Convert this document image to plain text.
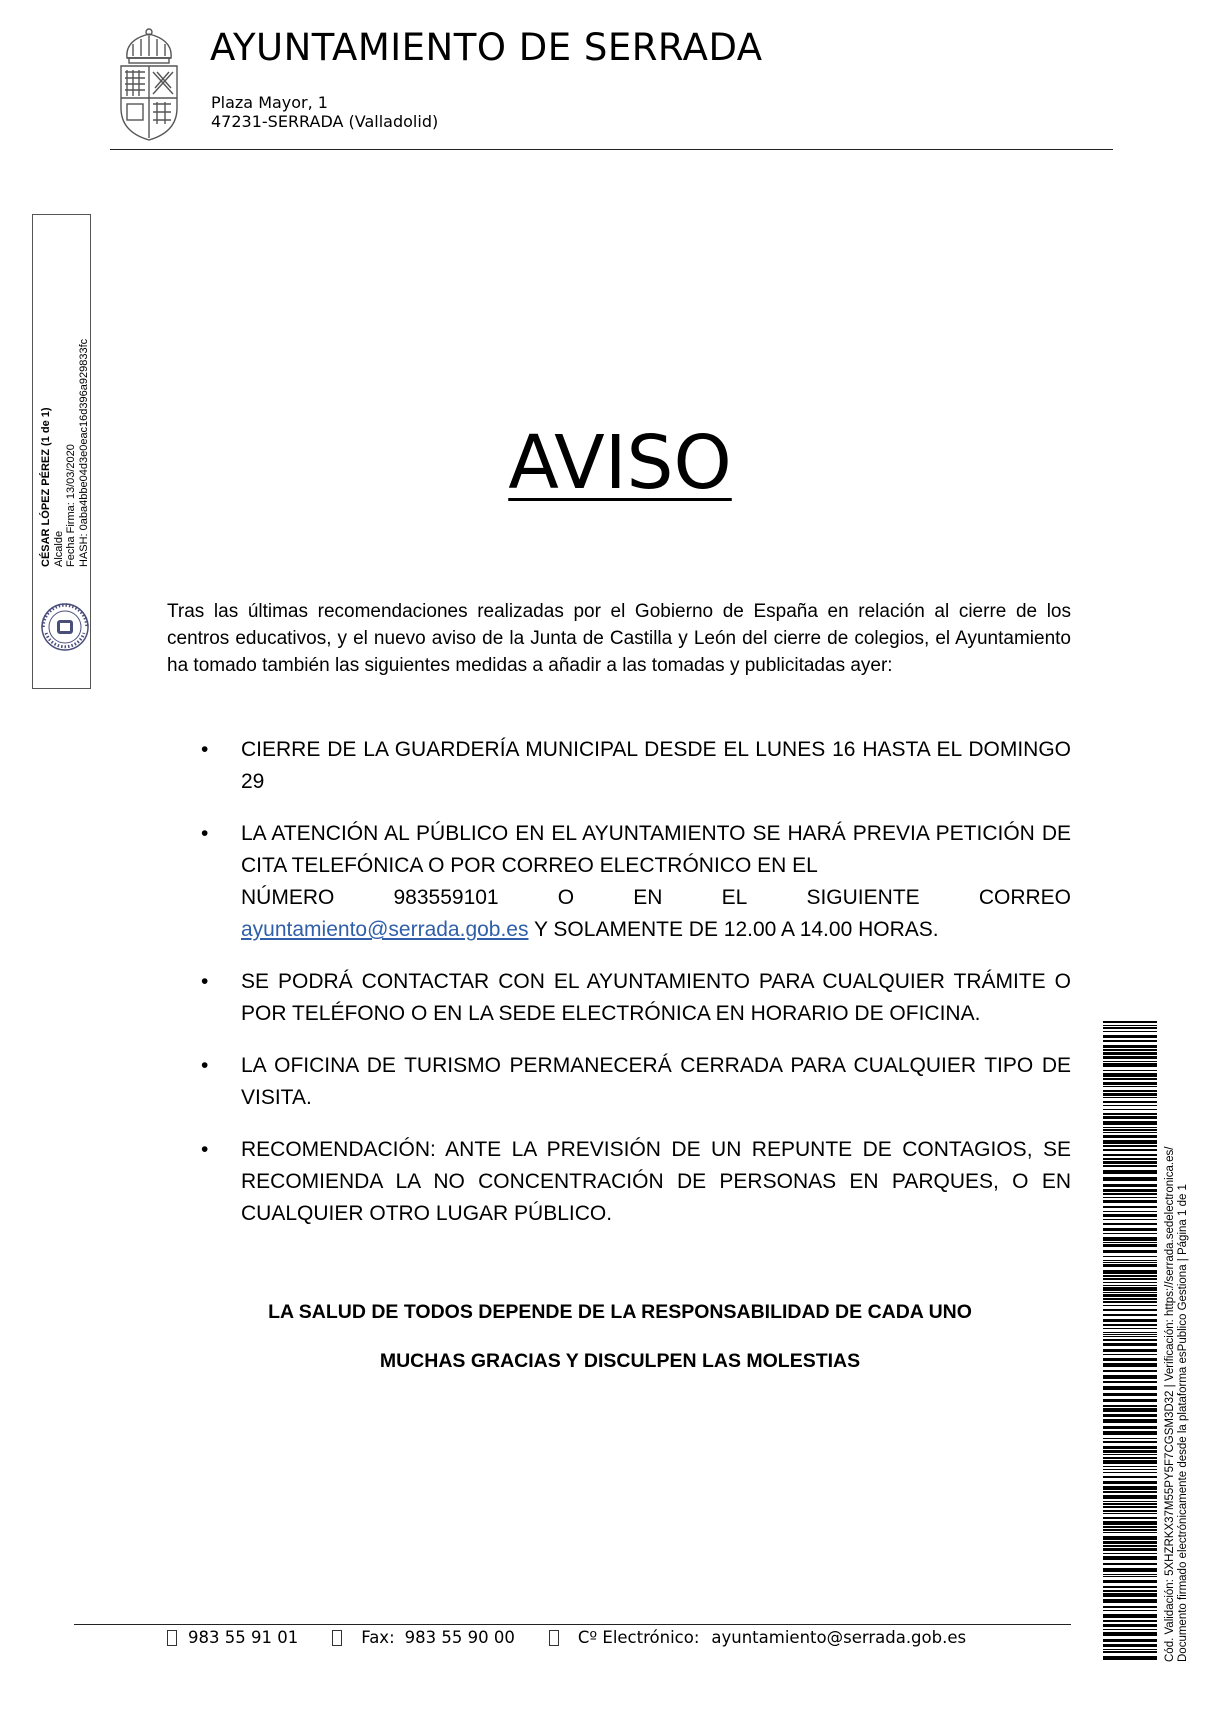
AYUNTAMIENTO DE SERRADA
Plaza Mayor, 1
47231-SERRADA (Valladolid)
CÉSAR LÓPEZ PÉREZ (1 de 1) Alcalde Fecha Firma: 13/03/2020 HASH: 0aba4bbe04d3e0eac16d396a929833fc	AVISO
Tras las últimas recomendaciones realizadas por el Gobierno de España en relación al cierre de los centros educativos, y el nuevo aviso de la Junta de Castilla y León del cierre de colegios, el Ayuntamiento ha tomado también las siguientes medidas a añadir a las tomadas y publicitadas ayer:
• CIERRE DE LA GUARDERÍA MUNICIPAL DESDE EL LUNES 16 HASTA EL DOMINGO 29
• LA ATENCIÓN AL PÚBLICO EN EL AYUNTAMIENTO SE HARÁ PREVIA PETICIÓN DE CITA TELEFÓNICA O POR CORREO ELECTRÓNICO EN EL
NÚMERO	983559101	O	EN	EL	SIGUIENTE	CORREO
ayuntamiento@serrada.gob.es Y SOLAMENTE DE 12.00 A 14.00 HORAS.
• SE PODRÁ CONTACTAR CON EL AYUNTAMIENTO PARA CUALQUIER TRÁMITE O POR TELÉFONO O EN LA SEDE ELECTRÓNICA EN HORARIO DE OFICINA.
• LA OFICINA DE TURISMO PERMANECERÁ CERRADA PARA CUALQUIER TIPO DE VISITA.
• RECOMENDACIÓN: ANTE LA PREVISIÓN DE UN REPUNTE DE CONTAGIOS, SE RECOMIENDA LA NO CONCENTRACIÓN DE PERSONAS EN PARQUES, O EN CUALQUIER OTRO LUGAR PÚBLICO.
LA SALUD DE TODOS DEPENDE DE LA RESPONSABILIDAD DE CADA UNO
MUCHAS GRACIAS Y DISCULPEN LAS MOLESTIAS	Cód. Validación: 5XHZRKX37M55PY5F7CGSM3D32 | Verificación: https://serrada.sedelectronica.es/ Documento firmado electrónicamente desde la plataforma esPublico Gestiona | Página 1 de 1
983 55 91 01	Fax: 983 55 90 00	Cº Electrónico: ayuntamiento@serrada.gob.es
